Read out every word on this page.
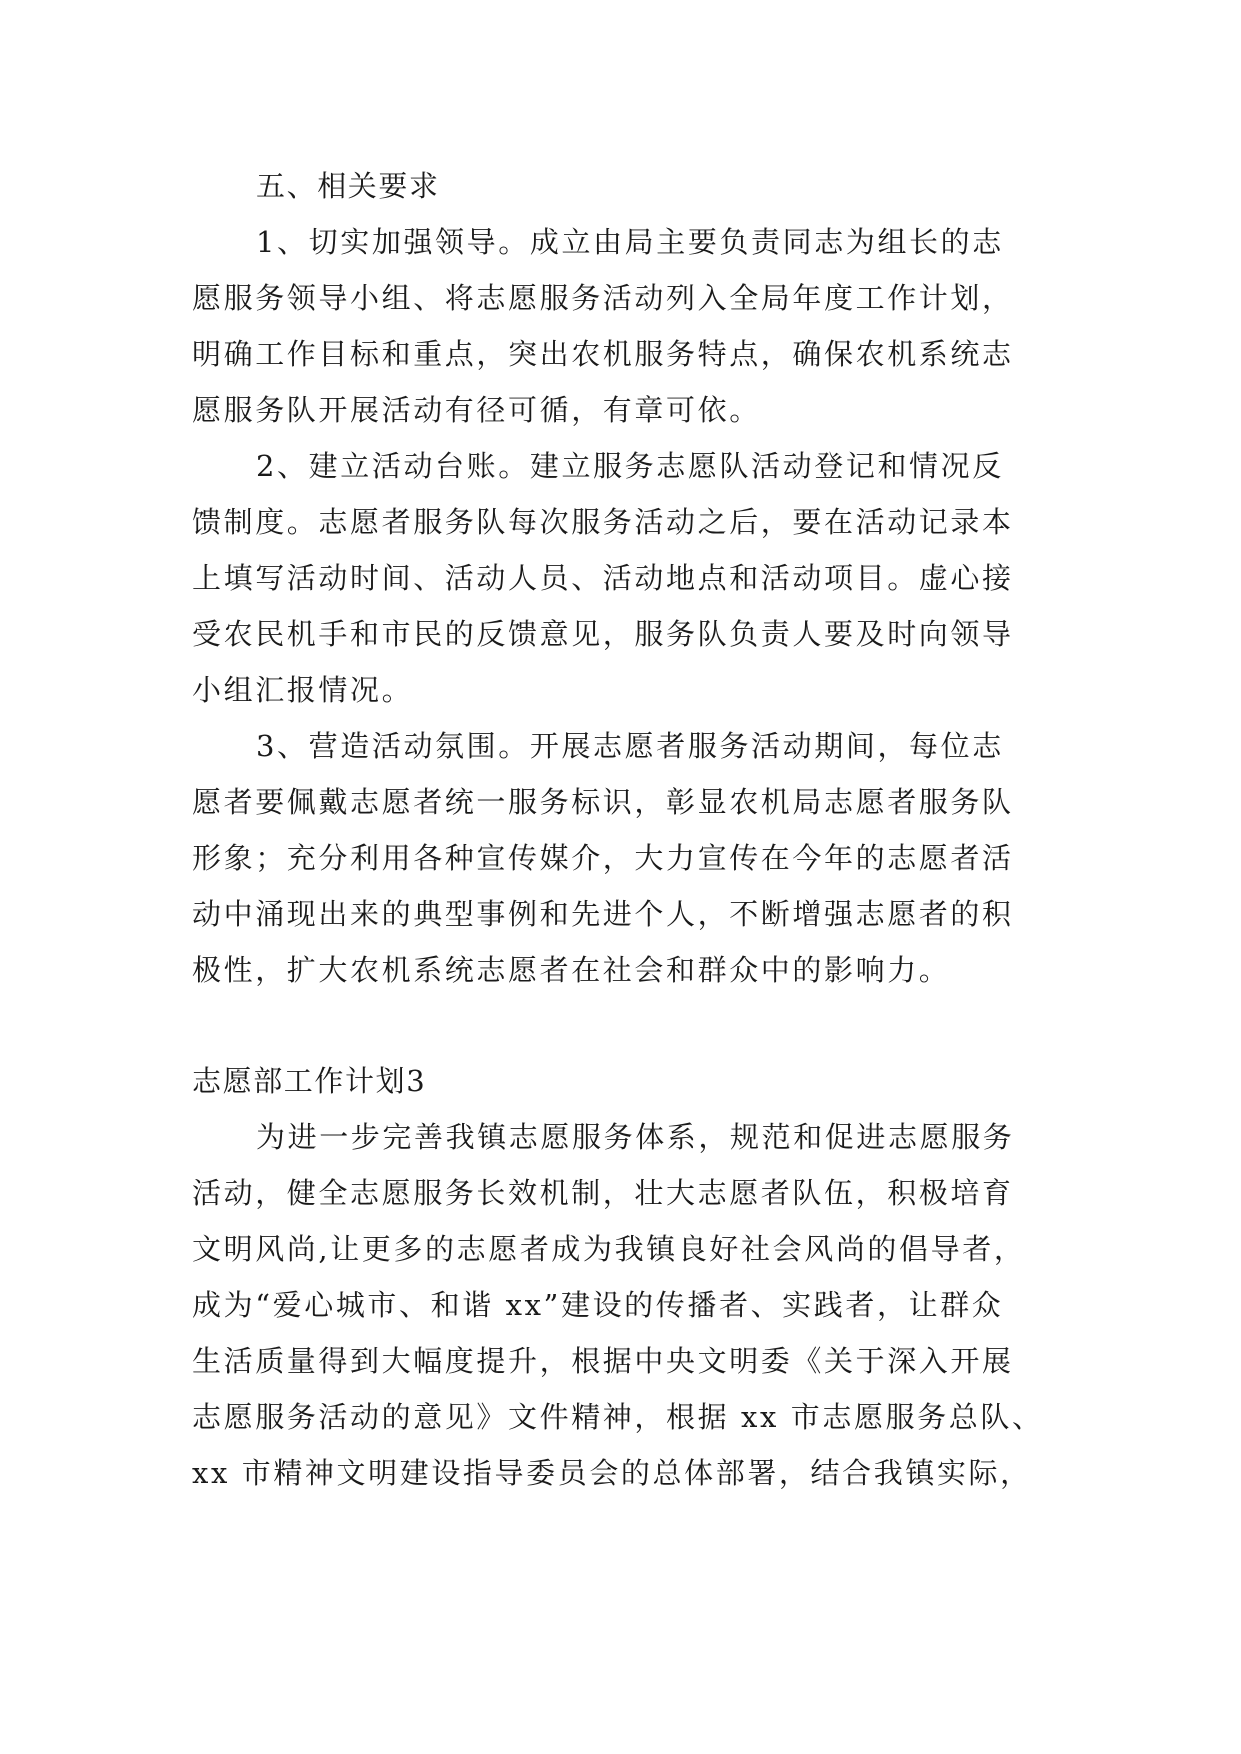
五、相关要求
1、切实加强领导。成立由局主要负责同志为组长的志
愿服务领导小组、将志愿服务活动列入全局年度工作计划，
明确工作目标和重点，突出农机服务特点，确保农机系统志
愿服务队开展活动有径可循，有章可依。
2、建立活动台账。建立服务志愿队活动登记和情况反
馈制度。志愿者服务队每次服务活动之后，要在活动记录本
上填写活动时间、活动人员、活动地点和活动项目。虚心接
受农民机手和市民的反馈意见，服务队负责人要及时向领导
小组汇报情况。
3、营造活动氛围。开展志愿者服务活动期间，每位志
愿者要佩戴志愿者统一服务标识，彰显农机局志愿者服务队
形象；充分利用各种宣传媒介，大力宣传在今年的志愿者活
动中涌现出来的典型事例和先进个人，不断增强志愿者的积
极性，扩大农机系统志愿者在社会和群众中的影响力。
志愿部工作计划3
为进一步完善我镇志愿服务体系，规范和促进志愿服务
活动，健全志愿服务长效机制，壮大志愿者队伍，积极培育
文明风尚,让更多的志愿者成为我镇良好社会风尚的倡导者，
成为“爱心城市、和谐 xx”建设的传播者、实践者，让群众
生活质量得到大幅度提升，根据中央文明委《关于深入开展
志愿服务活动的意见》文件精神，根据 xx 市志愿服务总队、
xx 市精神文明建设指导委员会的总体部署，结合我镇实际，
